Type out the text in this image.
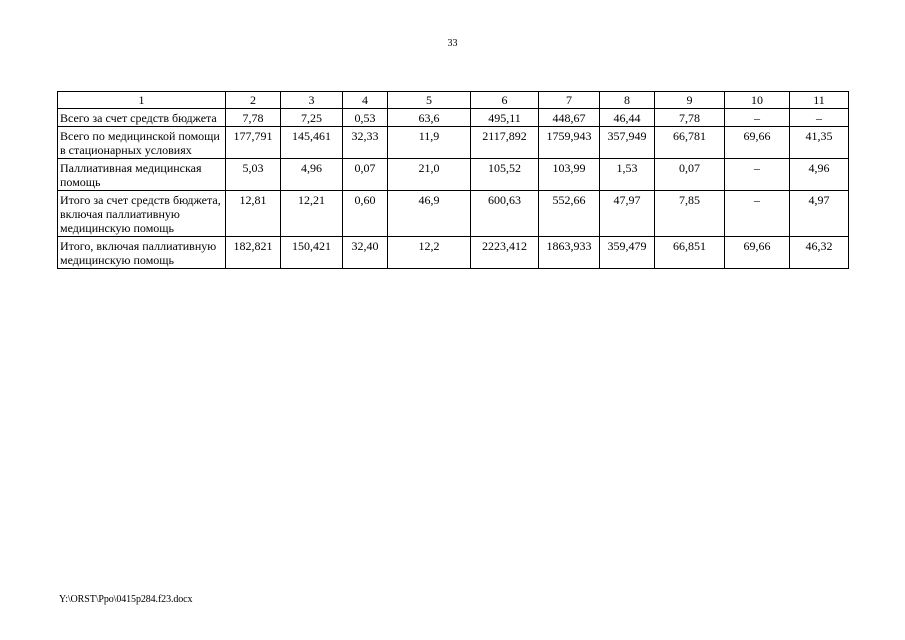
33
1	2	3	4	5	6	7	8	9	10	11
Всего за счет средств бюджета	7,78	7,25	0,53	63,6	495,11	448,67	46,44	7,78	–	–
Всего по медицинской помощи в стационарных условиях	177,791	145,461	32,33	11,9	2117,892	1759,943	357,949	66,781	69,66	41,35
Паллиативная медицинская помощь	5,03	4,96	0,07	21,0	105,52	103,99	1,53	0,07	–	4,96
Итого за счет средств бюджета, включая паллиативную медицинскую помощь	12,81	12,21	0,60	46,9	600,63	552,66	47,97	7,85	–	4,97
Итого, включая паллиативную медицинскую помощь	182,821	150,421	32,40	12,2	2223,412	1863,933	359,479	66,851	69,66	46,32
Y:\ORST\Ppo\0415p284.f23.docx
